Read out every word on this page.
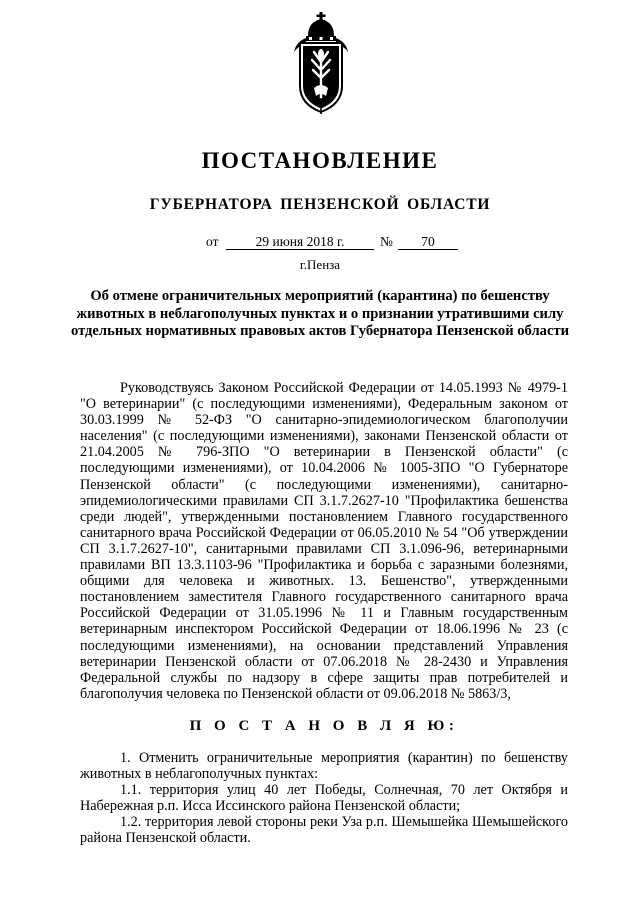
ПОСТАНОВЛЕНИЕ
ГУБЕРНАТОРА ПЕНЗЕНСКОЙ ОБЛАСТИ
от	29 июня 2018 г.	№	70
г.Пенза
Об отмене ограничительных мероприятий (карантина) по бешенству животных в неблагополучных пунктах и о признании утратившими силу отдельных нормативных правовых актов Губернатора Пензенской области

Руководствуясь Законом Российской Федерации от 14.05.1993 № 4979-1 "О ветеринарии" (с последующими изменениями), Федеральным законом от 30.03.1999 № 52-ФЗ "О санитарно-эпидемиологическом благополучии населения" (с последующими изменениями), законами Пензенской области от 21.04.2005 № 796-ЗПО "О ветеринарии в Пензенской области" (с последующими изменениями), от 10.04.2006 № 1005-ЗПО "О Губернаторе Пензенской области" (с последующими изменениями), санитарно-эпидемиологическими правилами СП 3.1.7.2627-10 "Профилактика бешенства среди людей", утвержденными постановлением Главного государственного санитарного врача Российской Федерации от 06.05.2010 № 54 "Об утверждении СП 3.1.7.2627-10", санитарными правилами СП 3.1.096-96, ветеринарными правилами ВП 13.3.1103-96 "Профилактика и борьба с заразными болезнями, общими для человека и животных. 13. Бешенство", утвержденными постановлением заместителя Главного государственного санитарного врача Российской Федерации от 31.05.1996 № 11 и Главным государственным ветеринарным инспектором Российской Федерации от 18.06.1996 № 23 (с последующими изменениями), на основании представлений Управления ветеринарии Пензенской области от 07.06.2018 № 28-2430 и Управления Федеральной службы по надзору в сфере защиты прав потребителей и благополучия человека по Пензенской области от 09.06.2018 № 5863/3,

П О С Т А Н О В Л Я Ю:

1. Отменить ограничительные мероприятия (карантин) по бешенству животных в неблагополучных пунктах:

1.1. территория улиц 40 лет Победы, Солнечная, 70 лет Октября и Набережная р.п. Исса Иссинского района Пензенской области;

1.2. территория левой стороны реки Уза р.п. Шемышейка Шемышейского района Пензенской области.
